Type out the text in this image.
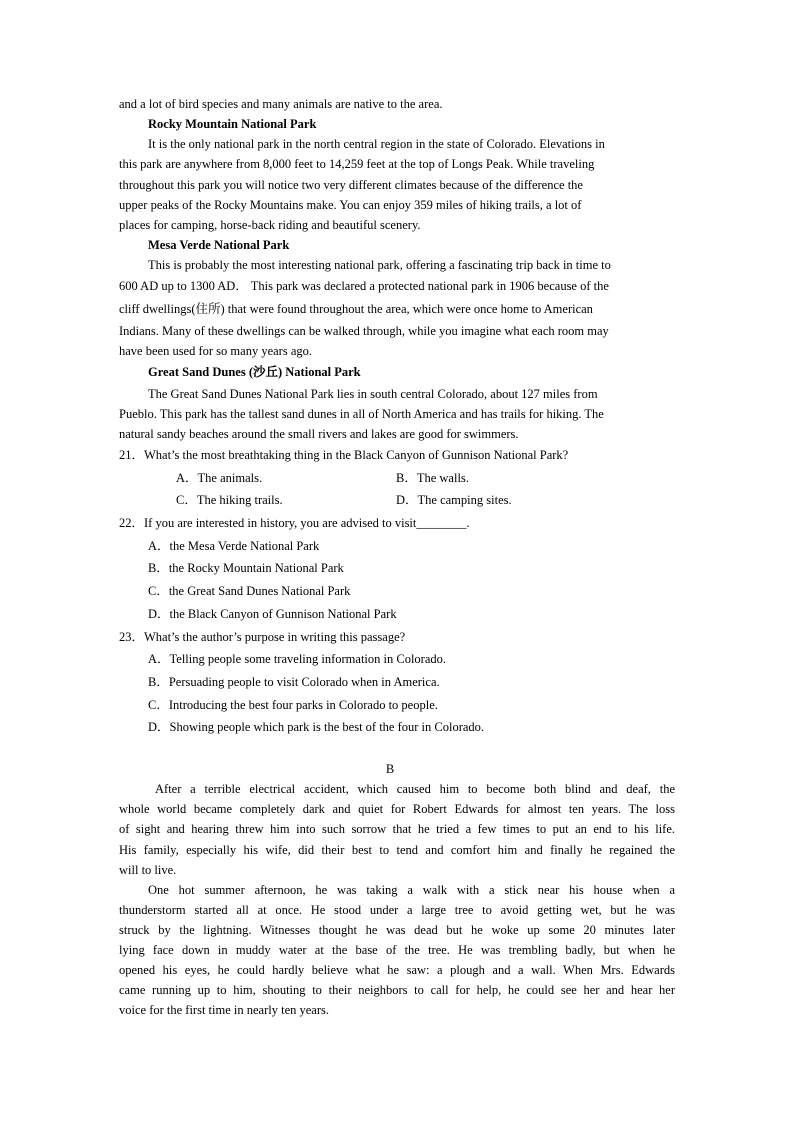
and a lot of bird species and many animals are native to the area.
Rocky Mountain National Park
It is the only national park in the north central region in the state of Colorado. Elevations in
this park are anywhere from 8,000 feet to 14,259 feet at the top of Longs Peak. While traveling
throughout this park you will notice two very different climates because of the difference the
upper peaks of the Rocky Mountains make. You can enjoy 359 miles of hiking trails, a lot of
places for camping, horse-back riding and beautiful scenery.
Mesa Verde National Park
This is probably the most interesting national park, offering a fascinating trip back in time to
600 AD up to 1300 AD． This park was declared a protected national park in 1906 because of the
cliff dwellings(住所) that were found throughout the area, which were once home to American
Indians. Many of these dwellings can be walked through, while you imagine what each room may
have been used for so many years ago.
Great Sand Dunes (沙丘) National Park
The Great Sand Dunes National Park lies in south central Colorado, about 127 miles from
Pueblo. This park has the tallest sand dunes in all of North America and has trails for hiking. The
natural sandy beaches around the small rivers and lakes are good for swimmers.
21．What’s the most breathtaking thing in the Black Canyon of Gunnison National Park?
A．The animals.	B．The walls.
C．The hiking trails.	D．The camping sites.
22．If you are interested in history, you are advised to visit________.
A．the Mesa Verde National Park
B．the Rocky Mountain National Park
C．the Great Sand Dunes National Park
D．the Black Canyon of Gunnison National Park
23．What’s the author’s purpose in writing this passage?
A．Telling people some traveling information in Colorado.
B．Persuading people to visit Colorado when in America.
C．Introducing the best four parks in Colorado to people.
D．Showing people which park is the best of the four in Colorado.
B
After a terrible electrical accident, which caused him to become both blind and deaf, the
whole world became completely dark and quiet for Robert Edwards for almost ten years. The loss
of sight and hearing threw him into such sorrow that he tried a few times to put an end to his life.
His family, especially his wife, did their best to tend and comfort him and finally he regained the
will to live.
One hot summer afternoon, he was taking a walk with a stick near his house when a
thunderstorm started all at once. He stood under a large tree to avoid getting wet, but he was
struck by the lightning. Witnesses thought he was dead but he woke up some 20 minutes later
lying face down in muddy water at the base of the tree. He was trembling badly, but when he
opened his eyes, he could hardly believe what he saw: a plough and a wall. When Mrs. Edwards
came running up to him, shouting to their neighbors to call for help, he could see her and hear her
voice for the first time in nearly ten years.
